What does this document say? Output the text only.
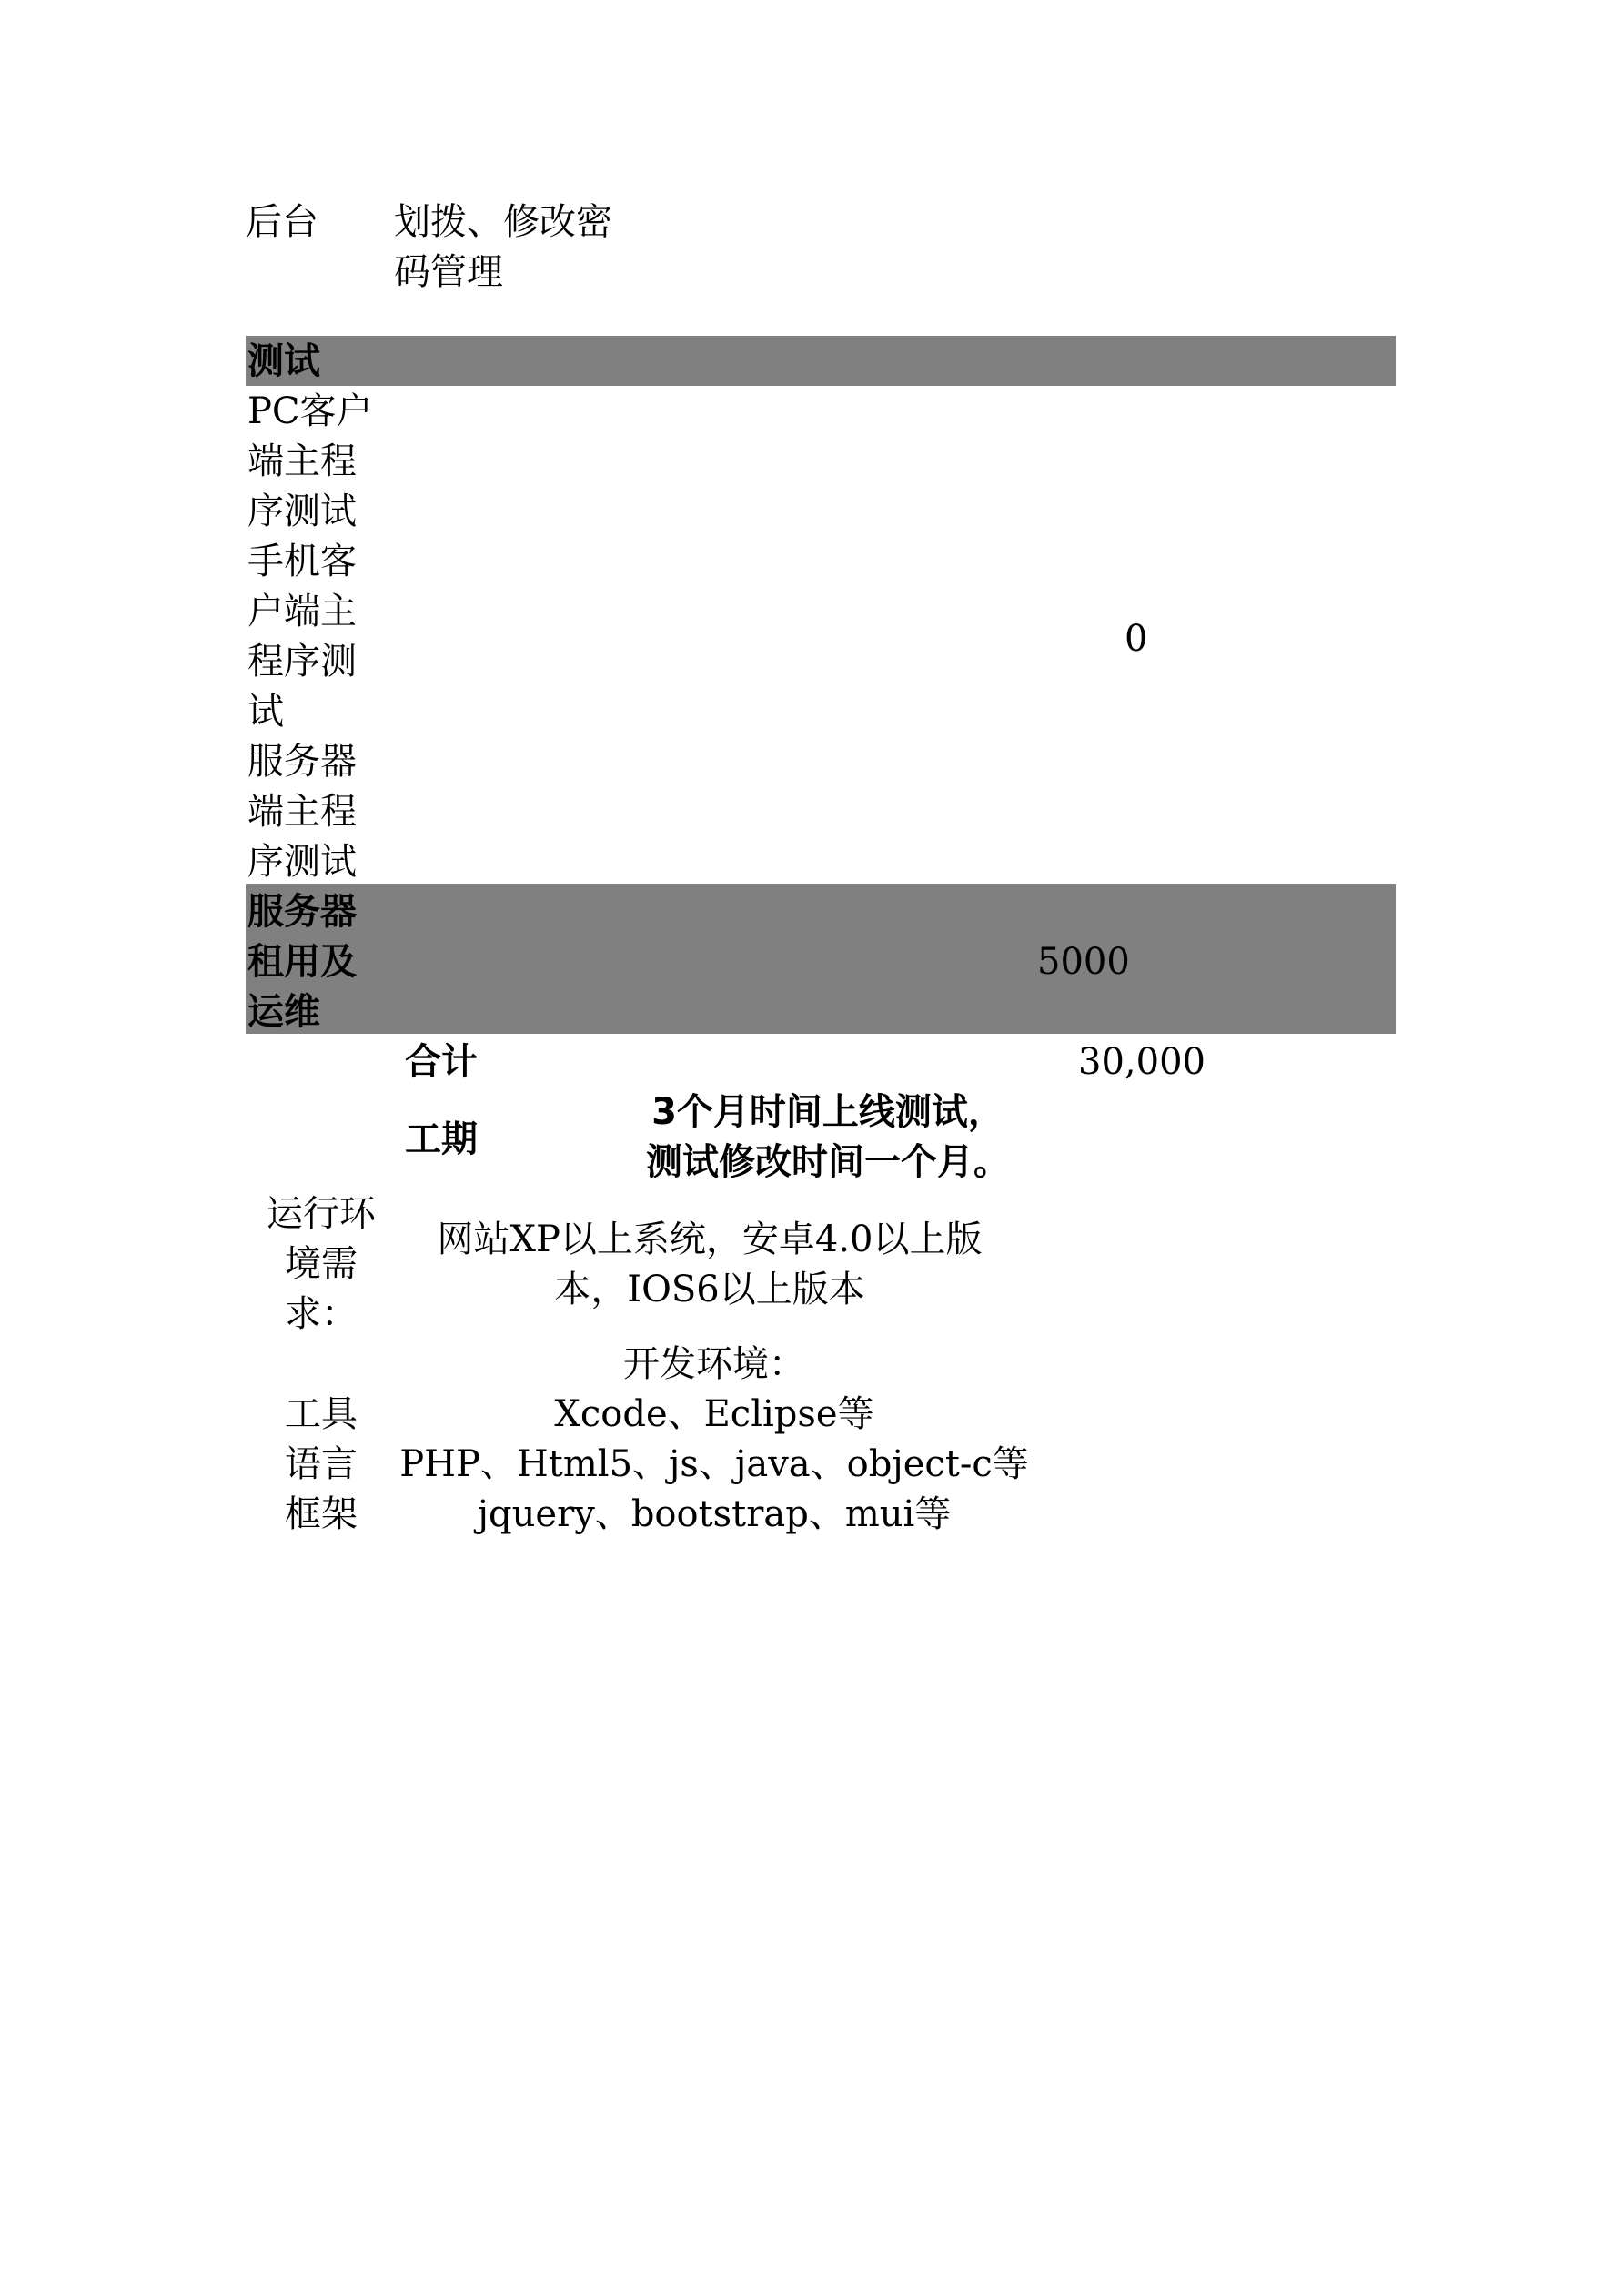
后台 划拨、修改密
码管理
测试
PC客户
端主程
序测试
手机客
户端主
程序测
试
服务器
端主程
序测试
0
服务器
租用及
运维
5000
合计	30,000
工期
3个月时间上线测试，
测试修改时间一个月。
运行环
境需
求：
网站XP以上系统，安卓4.0以上版
本，IOS6以上版本
工具
语言
框架
开发环境：
Xcode、Eclipse等
PHP、Html5、js、java、object-c等
jquery、bootstrap、mui等
